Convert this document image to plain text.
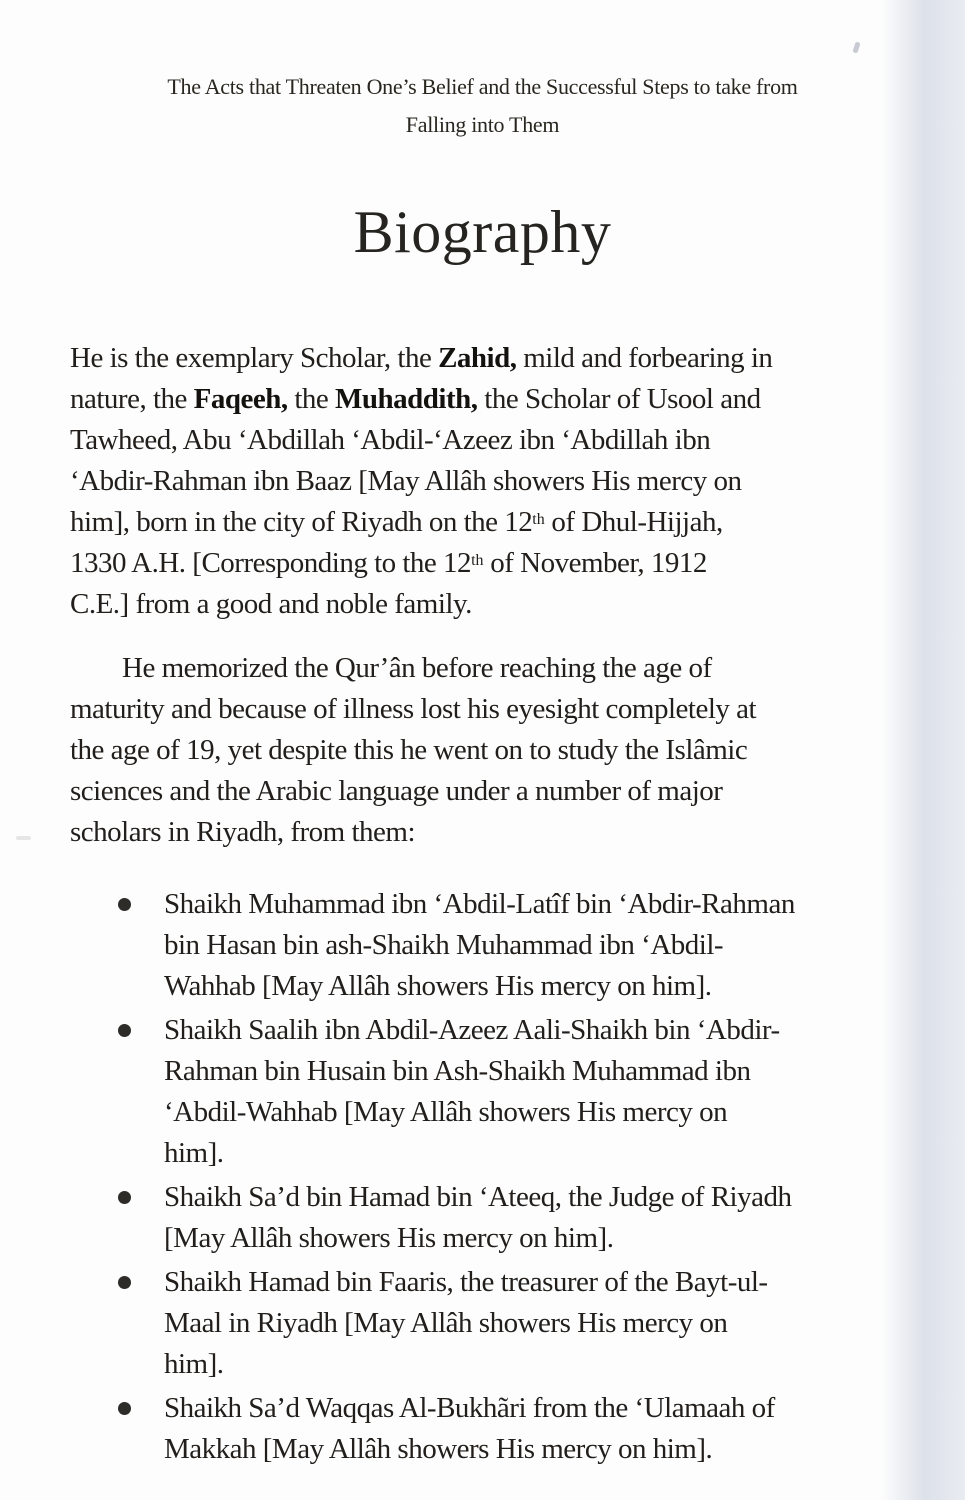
The Acts that Threaten One’s Belief and the Successful Steps to take from
Falling into Them
Biography
He is the exemplary Scholar, the Zahid, mild and forbearing in
nature, the Faqeeh, the Muhaddith, the Scholar of Usool and
Tawheed, Abu ‘Abdillah ‘Abdil-‘Azeez ibn ‘Abdillah ibn
‘Abdir-Rahman ibn Baaz [May Allâh showers His mercy on
him], born in the city of Riyadh on the 12th of Dhul-Hijjah,
1330 A.H. [Corresponding to the 12th of November, 1912
C.E.] from a good and noble family.
He memorized the Qur’ân before reaching the age of
maturity and because of illness lost his eyesight completely at
the age of 19, yet despite this he went on to study the Islâmic
sciences and the Arabic language under a number of major
scholars in Riyadh, from them:
Shaikh Muhammad ibn ‘Abdil-Latîf bin ‘Abdir-Rahman
bin Hasan bin ash-Shaikh Muhammad ibn ‘Abdil-
Wahhab [May Allâh showers His mercy on him].
Shaikh Saalih ibn Abdil-Azeez Aali-Shaikh bin ‘Abdir-
Rahman bin Husain bin Ash-Shaikh Muhammad ibn
‘Abdil-Wahhab [May Allâh showers His mercy on
him].
Shaikh Sa’d bin Hamad bin ‘Ateeq, the Judge of Riyadh
[May Allâh showers His mercy on him].
Shaikh Hamad bin Faaris, the treasurer of the Bayt-ul-
Maal in Riyadh [May Allâh showers His mercy on
him].
Shaikh Sa’d Waqqas Al-Bukhãri from the ‘Ulamaah of
Makkah [May Allâh showers His mercy on him].
